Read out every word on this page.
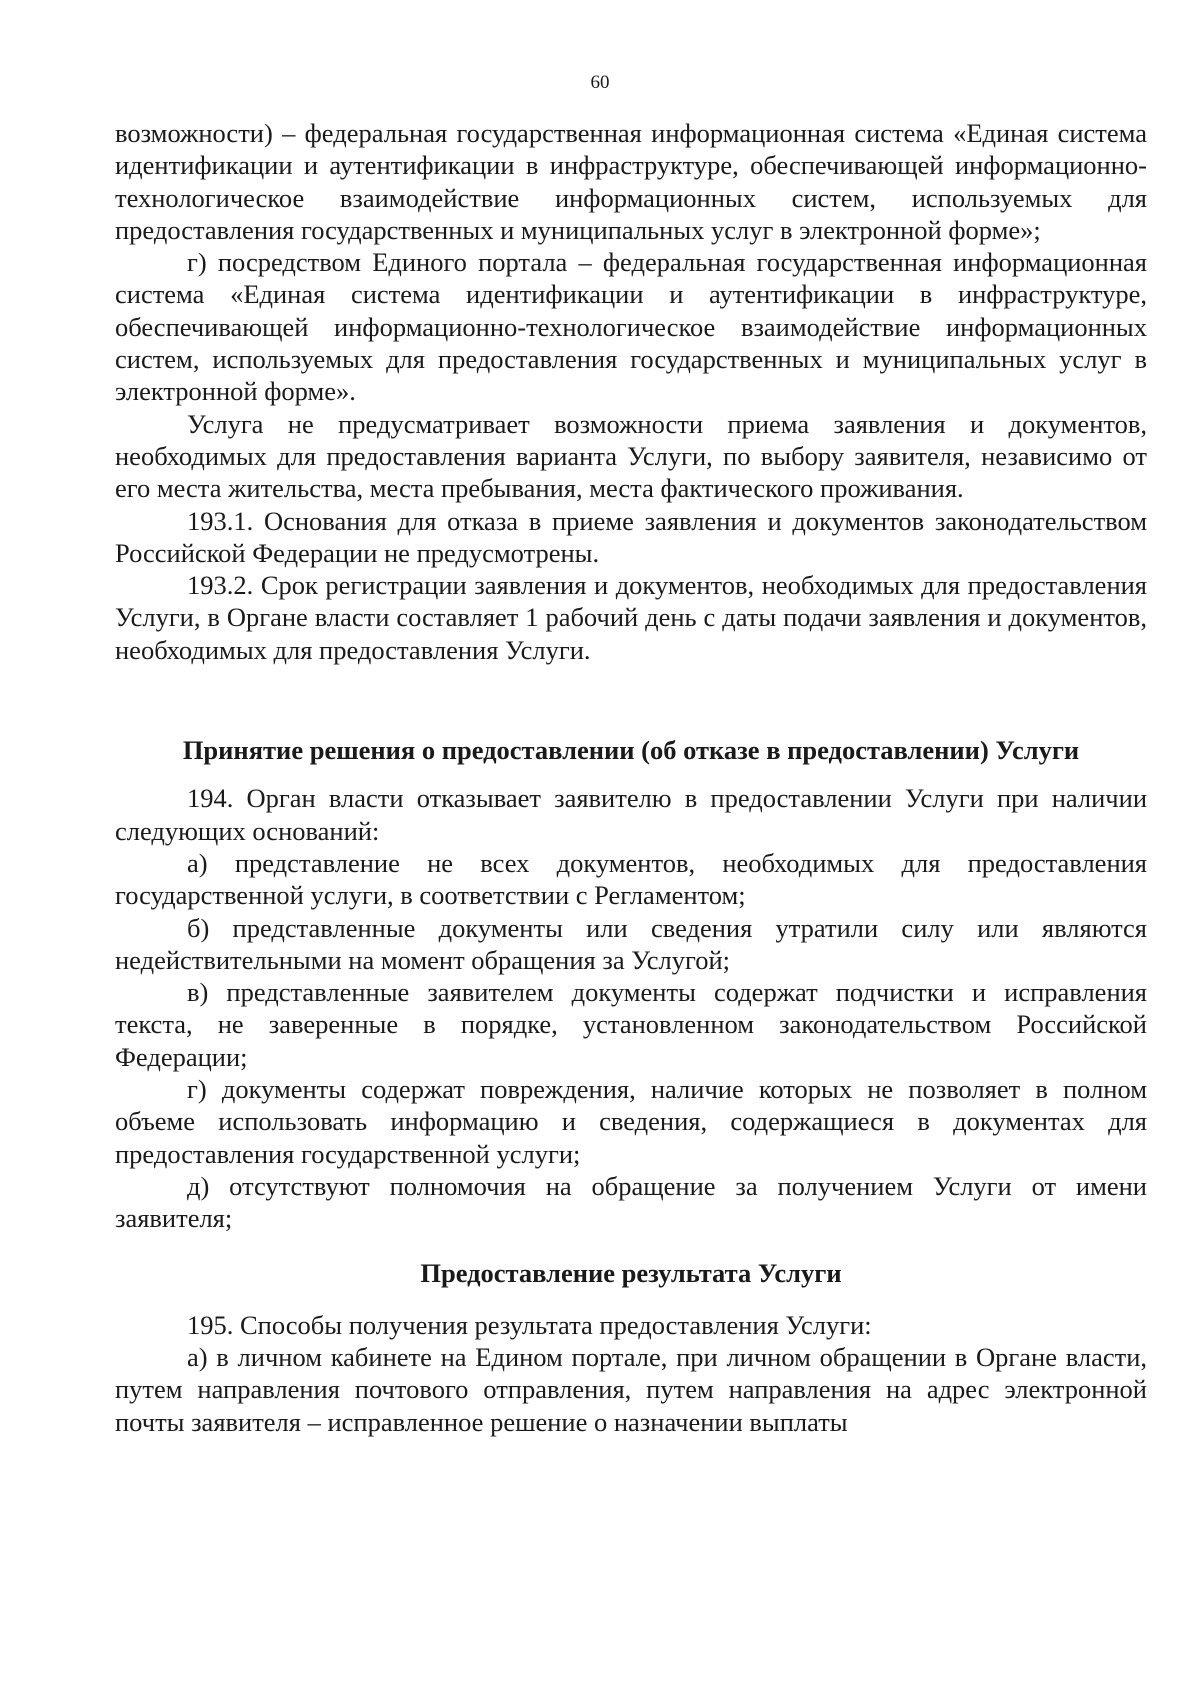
60

возможности) – федеральная государственная информационная система «Единая система идентификации и аутентификации в инфраструктуре, обеспечивающей информационно-технологическое взаимодействие информационных систем, используемых для предоставления государственных и муниципальных услуг в электронной форме»;

г) посредством Единого портала – федеральная государственная информационная система «Единая система идентификации и аутентификации в инфраструктуре, обеспечивающей информационно-технологическое взаимодействие информационных систем, используемых для предоставления государственных и муниципальных услуг в электронной форме».

Услуга не предусматривает возможности приема заявления и документов, необходимых для предоставления варианта Услуги, по выбору заявителя, независимо от его места жительства, места пребывания, места фактического проживания.

193.1. Основания для отказа в приеме заявления и документов законодательством Российской Федерации не предусмотрены.

193.2. Срок регистрации заявления и документов, необходимых для предоставления Услуги, в Органе власти составляет 1 рабочий день с даты подачи заявления и документов, необходимых для предоставления Услуги.

Принятие решения о предоставлении (об отказе в предоставлении) Услуги

194. Орган власти отказывает заявителю в предоставлении Услуги при наличии следующих оснований:

а) представление не всех документов, необходимых для предоставления государственной услуги, в соответствии с Регламентом;

б) представленные документы или сведения утратили силу или являются недействительными на момент обращения за Услугой;

в) представленные заявителем документы содержат подчистки и исправления текста, не заверенные в порядке, установленном законодательством Российской Федерации;

г) документы содержат повреждения, наличие которых не позволяет в полном объеме использовать информацию и сведения, содержащиеся в документах для предоставления государственной услуги;

д) отсутствуют полномочия на обращение за получением Услуги от имени заявителя;

Предоставление результата Услуги

195. Способы получения результата предоставления Услуги:

а) в личном кабинете на Едином портале, при личном обращении в Органе власти, путем направления почтового отправления, путем направления на адрес электронной почты заявителя – исправленное решение о назначении выплаты
